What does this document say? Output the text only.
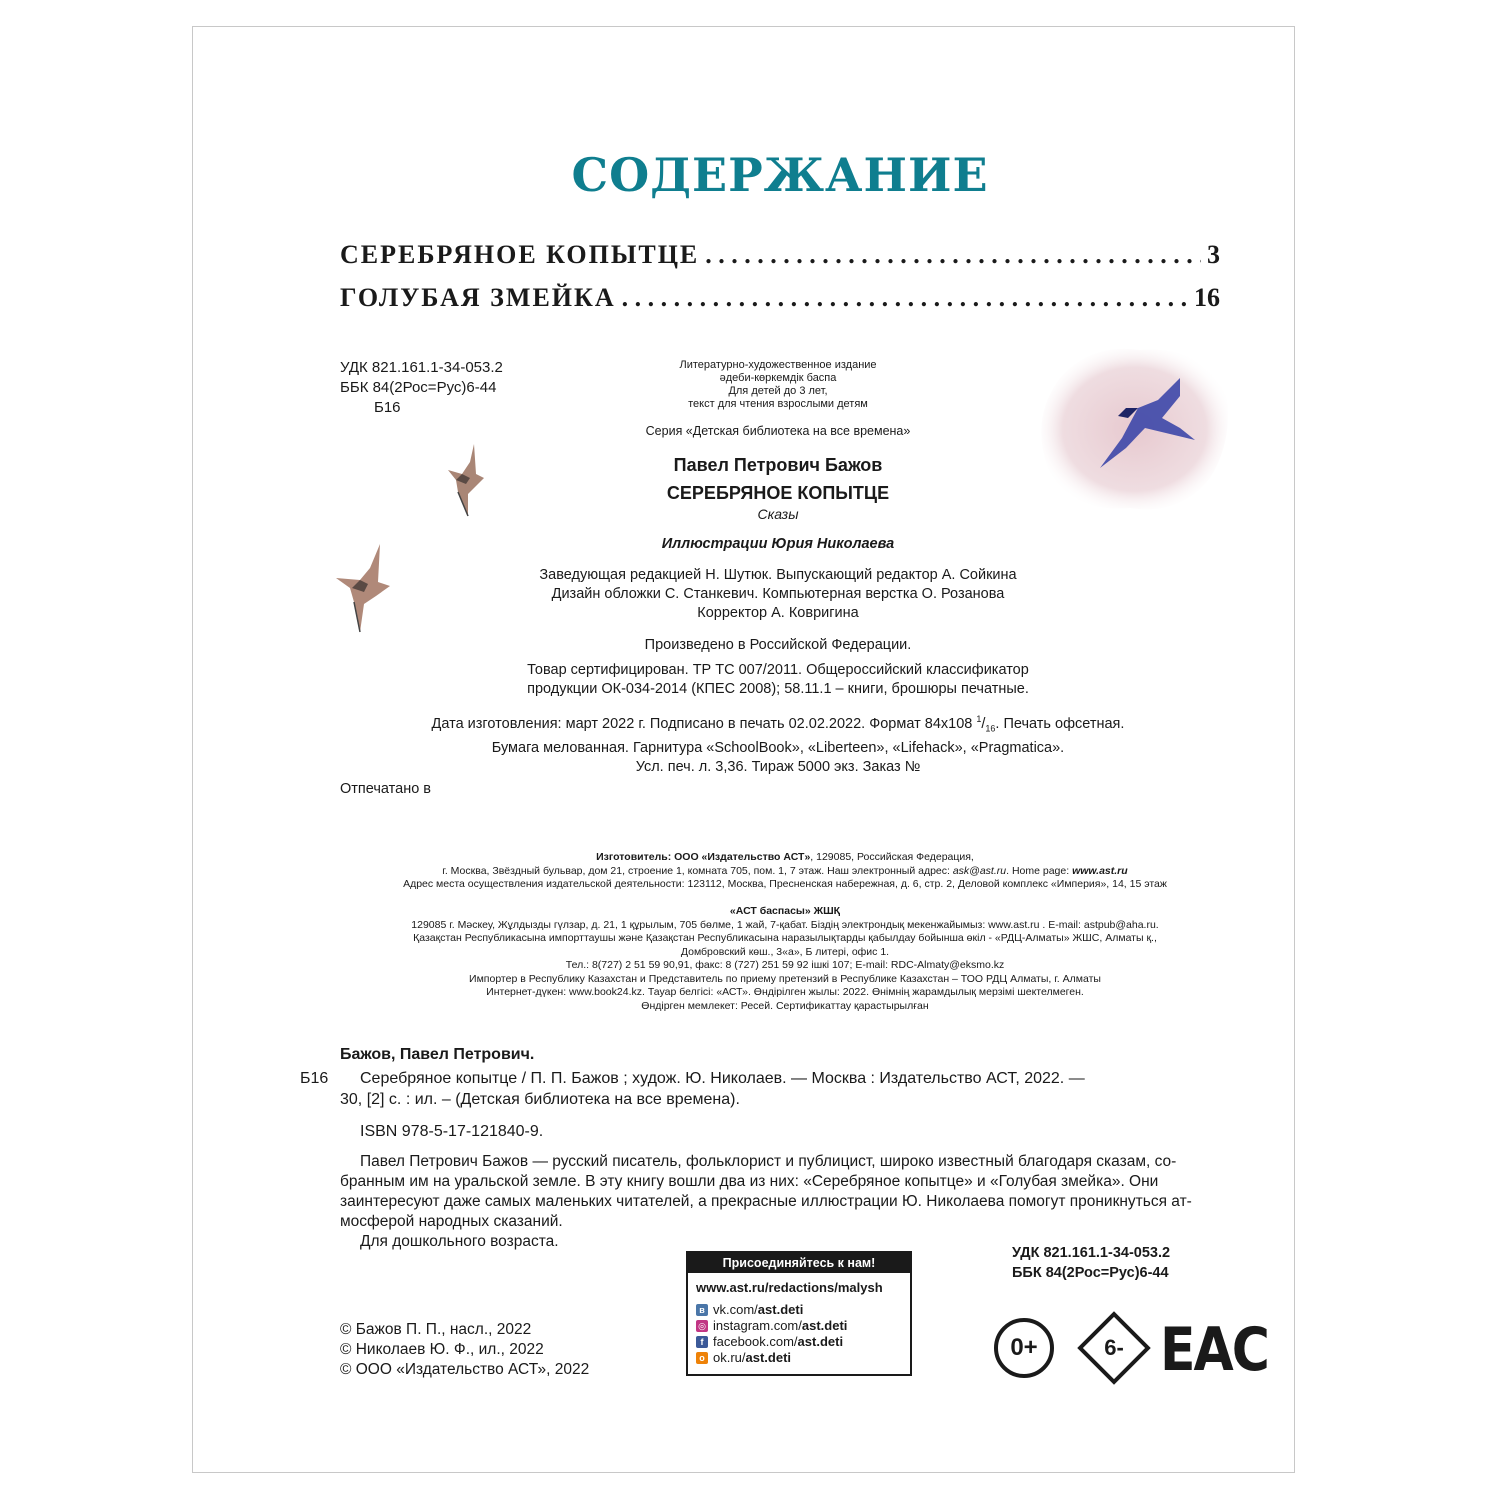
СОДЕРЖАНИЕ
СЕРЕБРЯНОЕ КОПЫТЦЕ . . .	3
ГОЛУБАЯ ЗМЕЙКА . . .	16
УДК 821.161.1-34-053.2
ББК 84(2Рос=Рус)6-44
Б16
Литературно-художественное издание
әдеби-көркемдік баспа
Для детей до 3 лет,
текст для чтения взрослыми детям
Серия «Детская библиотека на все времена»
Павел Петрович Бажов
СЕРЕБРЯНОЕ КОПЫТЦЕ
Сказы
Иллюстрации Юрия Николаева
Заведующая редакцией Н. Шутюк. Выпускающий редактор А. Сойкина
Дизайн обложки С. Станкевич. Компьютерная верстка О. Розанова
Корректор А. Ковригина
Произведено в Российской Федерации.
Товар сертифицирован. ТР ТС 007/2011. Общероссийский классификатор
продукции ОК-034-2014 (КПЕС 2008); 58.11.1 – книги, брошюры печатные.
Дата изготовления: март 2022 г. Подписано в печать 02.02.2022. Формат 84х108 $^1/_{16}$. Печать офсетная.
Бумага мелованная. Гарнитура «SchoolBook», «Liberteen», «Lifehack», «Pragmatica».
Усл. печ. л. 3,36. Тираж 5000 экз. Заказ №
Отпечатано в
Изготовитель: ООО «Издательство АСТ», 129085, Российская Федерация,
г. Москва, Звёздный бульвар, дом 21, строение 1, комната 705, пом. 1, 7 этаж. Наш электронный адрес: ask@ast.ru. Home page: www.ast.ru
Адрес места осуществления издательской деятельности: 123112, Москва, Пресненская набережная, д. 6, стр. 2, Деловой комплекс «Империя», 14, 15 этаж
«АСТ баспасы» ЖШҚ
129085 г. Мәскеу, Жұлдызды гүлзар, д. 21, 1 құрылым, 705 бөлме, 1 жай, 7-қабат. Біздің электрондық мекенжайымыз: www.ast.ru . E-mail: astpub@aha.ru.
Қазақстан Республикасына импорттаушы және Қазақстан Республикасына наразылықтарды қабылдау бойынша өкіл - «РДЦ-Алматы» ЖШС, Алматы қ.,
Домбровский көш., 3«а», Б литері, офис 1.
Тел.: 8(727) 2 51 59 90,91, факс: 8 (727) 251 59 92 ішкі 107; E-mail: RDC-Almaty@eksmo.kz
Импортер в Республику Казахстан и Представитель по приему претензий в Республике Казахстан – ТОО РДЦ Алматы, г. Алматы
Интернет-дүкен: www.book24.kz. Тауар белгісі: «АСТ». Өндірілген жылы: 2022. Өнімнің жарамдылық мерзімі шектелмеген.
Өндірген мемлекет: Ресей. Сертификаттау қарастырылған
Бажов, Павел Петрович.
Б16 Серебряное копытце / П. П. Бажов ; худож. Ю. Николаев. — Москва : Издательство АСТ, 2022. —
30, [2] с. : ил. – (Детская библиотека на все времена).
ISBN 978-5-17-121840-9.
Павел Петрович Бажов — русский писатель, фольклорист и публицист, широко известный благодаря сказам, со-
бранным им на уральской земле. В эту книгу вошли два из них: «Серебряное копытце» и «Голубая змейка». Они
заинтересуют даже самых маленьких читателей, а прекрасные иллюстрации Ю. Николаева помогут проникнуться ат-
мосферой народных сказаний.
Для дошкольного возраста.
Присоединяйтесь к нам!
www.ast.ru/redactions/malysh
в vk.com/ ast.deti
◎ instagram.com/ ast.deti
f facebook.com/ ast.deti
о ok.ru/ ast.deti
УДК 821.161.1-34-053.2
ББК 84(2Рос=Рус)6-44
© Бажов П. П., насл., 2022
© Николаев Ю. Ф., ил., 2022
© ООО «Издательство АСТ», 2022
0+	6- EAC
